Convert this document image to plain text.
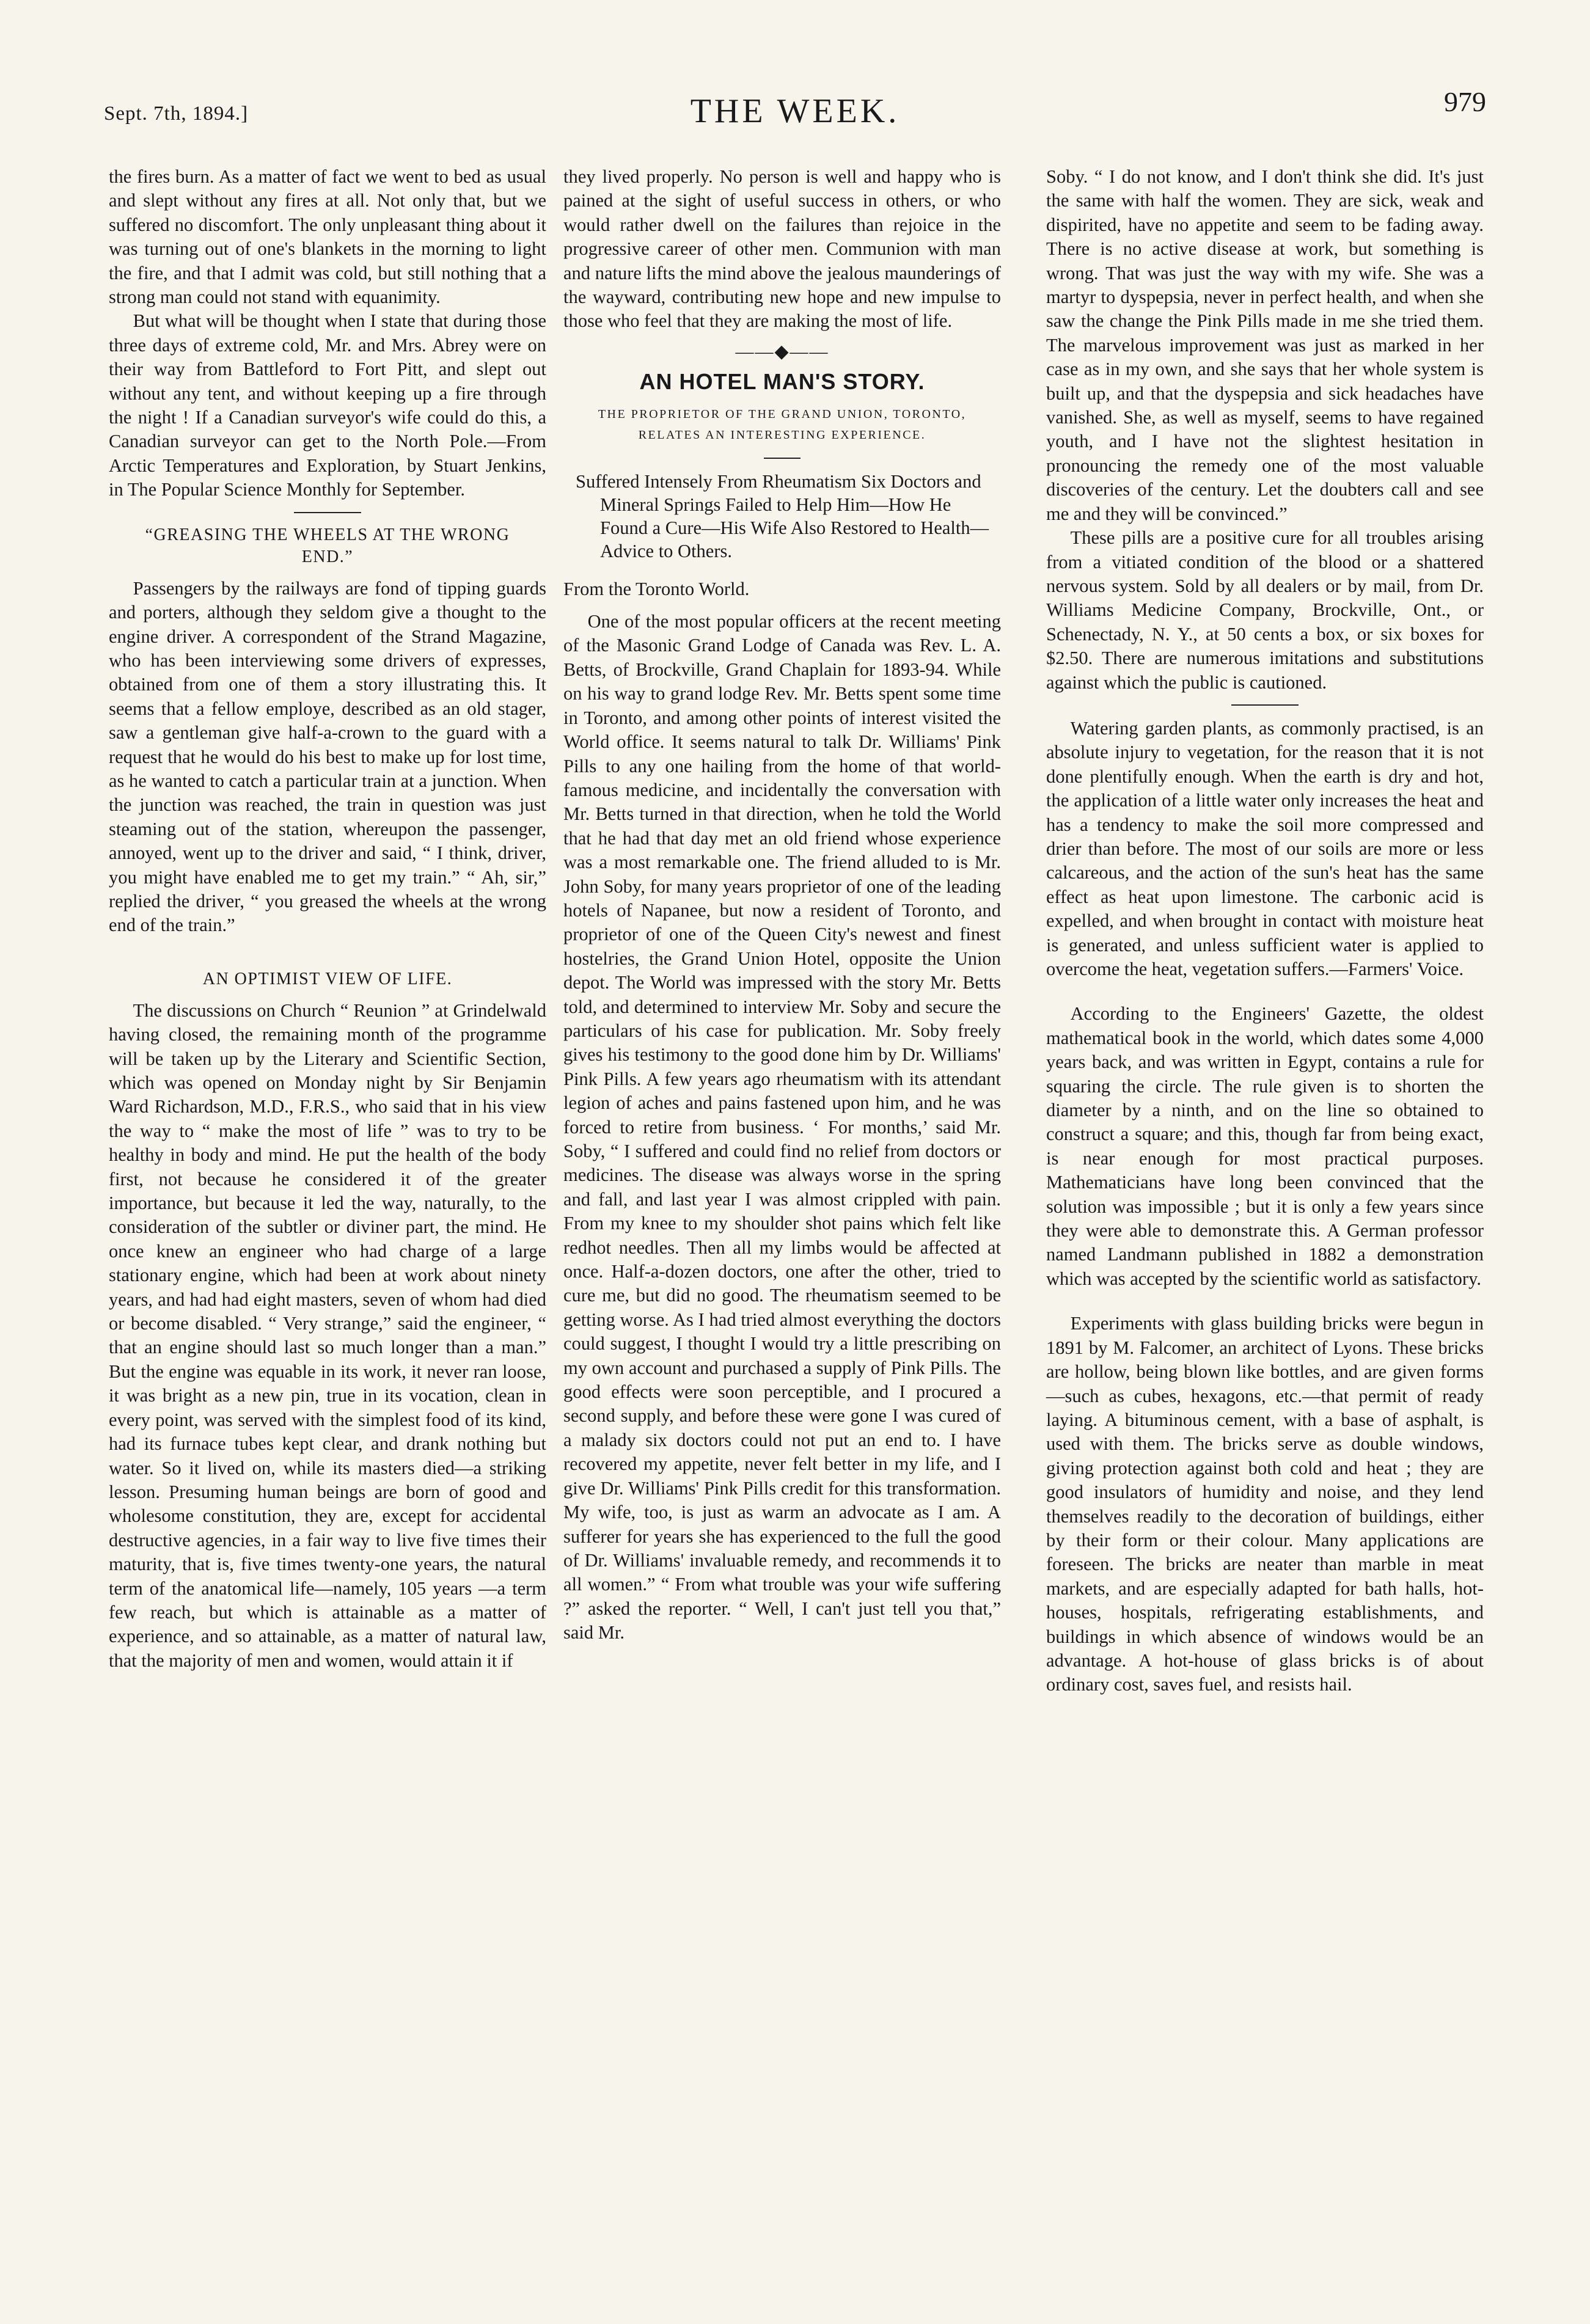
Sept. 7th, 1894.]	THE WEEK.	979

the fires burn. As a matter of fact we went to bed as usual and slept without any fires at all. Not only that, but we suffered no discomfort. The only unpleasant thing about it was turning out of one's blankets in the morning to light the fire, and that I admit was cold, but still nothing that a strong man could not stand with equanimity.

But what will be thought when I state that during those three days of extreme cold, Mr. and Mrs. Abrey were on their way from Battleford to Fort Pitt, and slept out without any tent, and without keeping up a fire through the night ! If a Canadian surveyor's wife could do this, a Canadian surveyor can get to the North Pole.—From Arctic Temperatures and Exploration, by Stuart Jenkins, in The Popular Science Monthly for September.

“GREASING THE WHEELS AT THE WRONG END.”

Passengers by the railways are fond of tipping guards and porters, although they seldom give a thought to the engine driver. A correspondent of the Strand Magazine, who has been interviewing some drivers of expresses, obtained from one of them a story illustrating this. It seems that a fellow employe, described as an old stager, saw a gentleman give half-a-crown to the guard with a request that he would do his best to make up for lost time, as he wanted to catch a particular train at a junction. When the junction was reached, the train in question was just steaming out of the station, whereupon the passenger, annoyed, went up to the driver and said, “ I think, driver, you might have enabled me to get my train.” “ Ah, sir,” replied the driver, “ you greased the wheels at the wrong end of the train.”

AN OPTIMIST VIEW OF LIFE.

The discussions on Church “ Reunion ” at Grindelwald having closed, the remaining month of the programme will be taken up by the Literary and Scientific Section, which was opened on Monday night by Sir Benjamin Ward Richardson, M.D., F.R.S., who said that in his view the way to “ make the most of life ” was to try to be healthy in body and mind. He put the health of the body first, not because he considered it of the greater importance, but because it led the way, naturally, to the consideration of the subtler or diviner part, the mind. He once knew an engineer who had charge of a large stationary engine, which had been at work about ninety years, and had had eight masters, seven of whom had died or become disabled. “ Very strange,” said the engineer, “ that an engine should last so much longer than a man.” But the engine was equable in its work, it never ran loose, it was bright as a new pin, true in its vocation, clean in every point, was served with the simplest food of its kind, had its furnace tubes kept clear, and drank nothing but water. So it lived on, while its masters died—a striking lesson. Presuming human beings are born of good and wholesome constitution, they are, except for accidental destructive agencies, in a fair way to live five times their maturity, that is, five times twenty-one years, the natural term of the anatomical life—namely, 105 years —a term few reach, but which is attainable as a matter of experience, and so attainable, as a matter of natural law, that the majority of men and women, would attain it if

they lived properly. No person is well and happy who is pained at the sight of useful success in others, or who would rather dwell on the failures than rejoice in the progressive career of other men. Communion with man and nature lifts the mind above the jealous maunderings of the wayward, contributing new hope and new impulse to those who feel that they are making the most of life.

——◆——
AN HOTEL MAN'S STORY.
THE PROPRIETOR OF THE GRAND UNION, TORONTO, RELATES AN INTERESTING EXPERIENCE.
Suffered Intensely From Rheumatism Six Doctors and Mineral Springs Failed to Help Him—How He Found a Cure—His Wife Also Restored to Health—Advice to Others.

From the Toronto World.

One of the most popular officers at the recent meeting of the Masonic Grand Lodge of Canada was Rev. L. A. Betts, of Brockville, Grand Chaplain for 1893-94. While on his way to grand lodge Rev. Mr. Betts spent some time in Toronto, and among other points of interest visited the World office. It seems natural to talk Dr. Williams' Pink Pills to any one hailing from the home of that world-famous medicine, and incidentally the conversation with Mr. Betts turned in that direction, when he told the World that he had that day met an old friend whose experience was a most remarkable one. The friend alluded to is Mr. John Soby, for many years proprietor of one of the leading hotels of Napanee, but now a resident of Toronto, and proprietor of one of the Queen City's newest and finest hostelries, the Grand Union Hotel, opposite the Union depot. The World was impressed with the story Mr. Betts told, and determined to interview Mr. Soby and secure the particulars of his case for publication. Mr. Soby freely gives his testimony to the good done him by Dr. Williams' Pink Pills. A few years ago rheumatism with its attendant legion of aches and pains fastened upon him, and he was forced to retire from business. ‘ For months,’ said Mr. Soby, “ I suffered and could find no relief from doctors or medicines. The disease was always worse in the spring and fall, and last year I was almost crippled with pain. From my knee to my shoulder shot pains which felt like redhot needles. Then all my limbs would be affected at once. Half-a-dozen doctors, one after the other, tried to cure me, but did no good. The rheumatism seemed to be getting worse. As I had tried almost everything the doctors could suggest, I thought I would try a little prescribing on my own account and purchased a supply of Pink Pills. The good effects were soon perceptible, and I procured a second supply, and before these were gone I was cured of a malady six doctors could not put an end to. I have recovered my appetite, never felt better in my life, and I give Dr. Williams' Pink Pills credit for this transformation. My wife, too, is just as warm an advocate as I am. A sufferer for years she has experienced to the full the good of Dr. Williams' invaluable remedy, and recommends it to all women.” “ From what trouble was your wife suffering ?” asked the reporter. “ Well, I can't just tell you that,” said Mr.

Soby. “ I do not know, and I don't think she did. It's just the same with half the women. They are sick, weak and dispirited, have no appetite and seem to be fading away. There is no active disease at work, but something is wrong. That was just the way with my wife. She was a martyr to dyspepsia, never in perfect health, and when she saw the change the Pink Pills made in me she tried them. The marvelous improvement was just as marked in her case as in my own, and she says that her whole system is built up, and that the dyspepsia and sick headaches have vanished. She, as well as myself, seems to have regained youth, and I have not the slightest hesitation in pronouncing the remedy one of the most valuable discoveries of the century. Let the doubters call and see me and they will be convinced.”

These pills are a positive cure for all troubles arising from a vitiated condition of the blood or a shattered nervous system. Sold by all dealers or by mail, from Dr. Williams Medicine Company, Brockville, Ont., or Schenectady, N. Y., at 50 cents a box, or six boxes for $2.50. There are numerous imitations and substitutions against which the public is cautioned.

Watering garden plants, as commonly practised, is an absolute injury to vegetation, for the reason that it is not done plentifully enough. When the earth is dry and hot, the application of a little water only increases the heat and has a tendency to make the soil more compressed and drier than before. The most of our soils are more or less calcareous, and the action of the sun's heat has the same effect as heat upon limestone. The carbonic acid is expelled, and when brought in contact with moisture heat is generated, and unless sufficient water is applied to overcome the heat, vegetation suffers.—Farmers' Voice.

According to the Engineers' Gazette, the oldest mathematical book in the world, which dates some 4,000 years back, and was written in Egypt, contains a rule for squaring the circle. The rule given is to shorten the diameter by a ninth, and on the line so obtained to construct a square; and this, though far from being exact, is near enough for most practical purposes. Mathematicians have long been convinced that the solution was impossible ; but it is only a few years since they were able to demonstrate this. A German professor named Landmann published in 1882 a demonstration which was accepted by the scientific world as satisfactory.

Experiments with glass building bricks were begun in 1891 by M. Falcomer, an architect of Lyons. These bricks are hollow, being blown like bottles, and are given forms—such as cubes, hexagons, etc.—that permit of ready laying. A bituminous cement, with a base of asphalt, is used with them. The bricks serve as double windows, giving protection against both cold and heat ; they are good insulators of humidity and noise, and they lend themselves readily to the decoration of buildings, either by their form or their colour. Many applications are foreseen. The bricks are neater than marble in meat markets, and are especially adapted for bath halls, hot-houses, hospitals, refrigerating establishments, and buildings in which absence of windows would be an advantage. A hot-house of glass bricks is of about ordinary cost, saves fuel, and resists hail.
